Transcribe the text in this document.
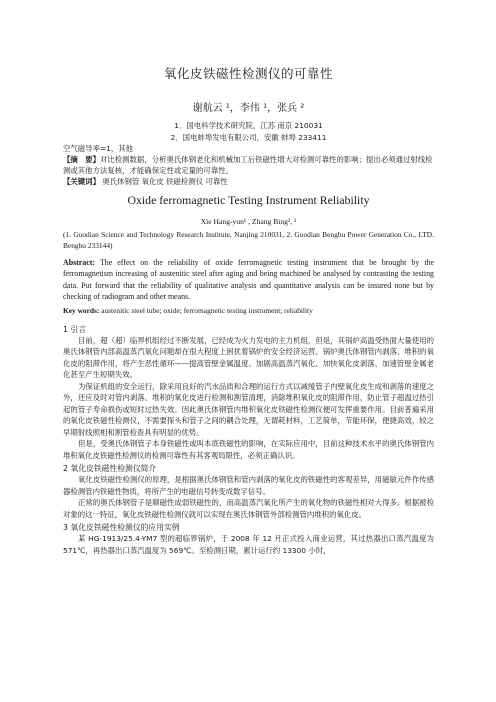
氧化皮铁磁性检测仪的可靠性
谢航云 ¹，李伟 ¹，张兵 ²
1．国电科学技术研究院，江苏 南京 210031
2．国电蚌埠发电有限公司，安徽 蚌埠 233411
空气磁导率=1，其他
【摘　要】对比检测数据，分析奥氏体钢老化和机械加工后铁磁性增大对检测可靠性的影响；提出必须通过射线检测或其他方法复核，才能确保定性或定量的可靠性。
【关键词】 奥氏体钢管 氧化皮 铁磁检测仪 可靠性
Oxide ferromagnetic Testing Instrument Reliability
Xie Hang-yun¹ , Zhang Bing², ¹
(1. Guodian Science and Technology Research Institute, Nanjing 210031, 2. Guodian Bengbu Power Generation Co., LTD. Bengbu 233144)
Abstract: The effect on the reliability of oxide ferromagnetic testing instrument that be brought by the ferromagnetism increasing of austenitic steel after aging and being machined be analysed by contrasting the testing data. Put forward that the reliability of qualitative analysis and quantitative analysis can be insured none but by checking of radiogram and other means.
Key words: austenitic steel tube; oxide; ferromagnetic testing instrument; reliability
1 引言
目前，超（超）临界机组经过不断发展，已经成为火力发电的主力机组，但是，其锅炉高温受热面大量使用的奥氏体钢管内部高温蒸汽氧化问题却在很大程度上困扰着锅炉的安全经济运营。锅炉奥氏体钢管内剥落、堆积的氧化皮的阻滞作用，将产生恶性循环——提高管壁金属温度、加剧高温蒸汽氧化、加快氧化皮剥落、加速管壁金属老化甚至产生短期失效。
为保证机组的安全运行，除采用良好的汽水品质和合理的运行方式以减缓管子内壁氧化皮生成和剥落的速度之外，还应及时对管内剥落、堆积的氧化皮进行检测和割管清理，消除堆积氧化皮的阻滞作用，防止管子超温过热引起的管子寿命损伤或短时过热失效。因此奥氏体钢管内堆积氧化皮铁磁性检测仪便可发挥重要作用。目前普遍采用的氧化皮铁磁性检测仪，不需要探头和管子之间的耦合处理，无谓耗材料，工艺简单，节能环保，便捷高效，较之早期射线照相和割管检查具有明显的优势。
但是，受奥氏体钢管子本身铁磁性或叫本底铁磁性的影响，在实际应用中，目前这种技术水平的奥氏体钢管内堆积氧化皮铁磁性检测仪的检测可靠性有其客观局限性，必须正确认识。
2 氧化皮铁磁性检测仪简介
氧化皮铁磁性检测仪的原理，是根据奥氏体钢管和管内剥落的氧化皮的铁磁性的客观差异，用磁敏元件作传感器检测管内铁磁性物质，将所产生的电磁信号转变成数字信号。
正常的奥氏体钢管子是顺磁性或弱铁磁性的，而高温蒸汽氧化所产生的氧化物的铁磁性相对大得多。根据被检对象的这一特征，氧化皮铁磁性检测仪就可以实现在奥氏体钢管外部检测管内堆积的氧化皮。
3 氧化皮铁磁性检测仪的应用实例
某 HG-1913/25.4-YM7 型的超临界锅炉，于 2008 年 12 月正式投入商业运营，其过热器出口蒸汽温度为 571℃，再热器出口蒸汽温度为 569℃。至检测日期，累计运行约 13300 小时，
